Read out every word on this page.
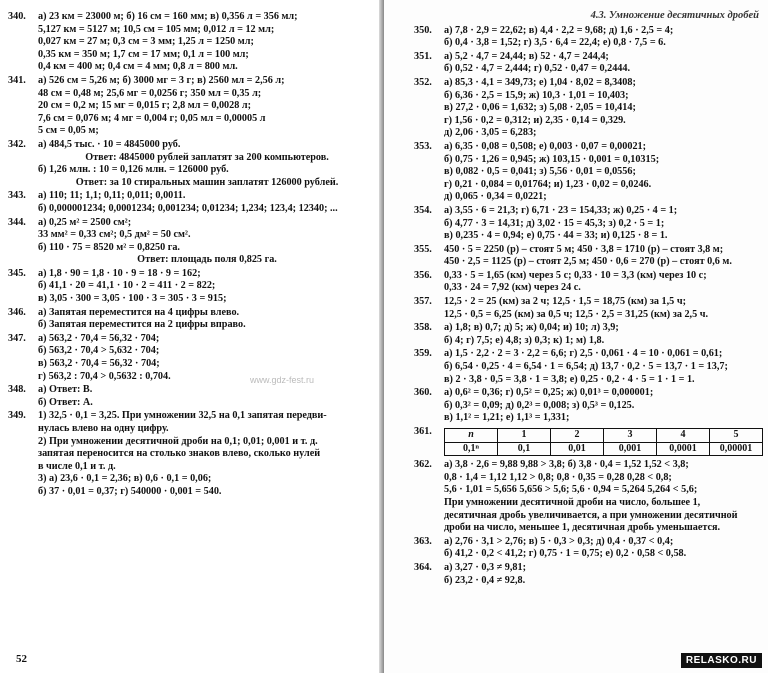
340.	а) 23 км = 23000 м; б) 16 см = 160 мм; в) 0,356 л = 356 мл;
5,127 км = 5127 м; 10,5 см = 105 мм; 0,012 л = 12 мл;
0,027 км = 27 м; 0,3 см = 3 мм; 1,25 л = 1250 мл;
0,35 км = 350 м; 1,7 см = 17 мм; 0,1 л = 100 мл;
0,4 км = 400 м; 0,4 см = 4 мм; 0,8 л = 800 мл.
341.	а) 526 см = 5,26 м; б) 3000 мг = 3 г; в) 2560 мл = 2,56 л;
48 см = 0,48 м; 25,6 мг = 0,0256 г; 350 мл = 0,35 л;
20 см = 0,2 м; 15 мг = 0,015 г; 2,8 мл = 0,0028 л;
7,6 см = 0,076 м; 4 мг = 0,004 г; 0,05 мл = 0,00005 л
5 см = 0,05 м;
342.	а) 484,5 тыс. · 10 = 4845000 руб.
Ответ: 4845000 рублей заплатят за 200 компьютеров.
б) 1,26 млн. : 10 = 0,126 млн. = 126000 руб.
Ответ: за 10 стиральных машин заплатят 126000 рублей.
343.	а) 110; 11; 1,1; 0,11; 0,011; 0,0011.
б) 0,000001234; 0,0001234; 0,001234; 0,01234; 1,234; 123,4; 12340; ...
344.	а) 0,25 м² = 2500 см²;
33 мм² = 0,33 см²; 0,5 дм² = 50 см².
б) 110 · 75 = 8520 м² = 0,8250 га.
Ответ: площадь поля 0,825 га.
345.	а) 1,8 · 90 = 1,8 · 10 · 9 = 18 · 9 = 162;
б) 41,1 · 20 = 41,1 · 10 · 2 = 411 · 2 = 822;
в) 3,05 · 300 = 3,05 · 100 · 3 = 305 · 3 = 915;
346.	а) Запятая переместится на 4 цифры влево.
б) Запятая переместится на 2 цифры вправо.
347.	а) 563,2 · 70,4 = 56,32 · 704;
б) 563,2 · 70,4 > 5,632 · 704;
в) 563,2 · 70,4 = 56,32 · 704;
г) 563,2 : 70,4 > 0,5632 : 0,704.
348.	а) Ответ: В.
б) Ответ: А.
349.	1) 32,5 · 0,1 = 3,25. При умножении 32,5 на 0,1 запятая передви-
нулась влево на одну цифру.
2) При умножении десятичной дроби на 0,1; 0,01; 0,001 и т. д.
запятая переносится на столько знаков влево, сколько нулей
в числе 0,1 и т. д.
3) а) 23,6 · 0,1 = 2,36; в) 0,6 · 0,1 = 0,06;
б) 37 · 0,01 = 0,37; г) 540000 · 0,001 = 540.
www.gdz-fest.ru
52
4.3. Умножение десятичных дробей
350.	а) 7,8 · 2,9 = 22,62; в) 4,4 · 2,2 = 9,68; д) 1,6 · 2,5 = 4;
б) 0,4 · 3,8 = 1,52; г) 3,5 · 6,4 = 22,4; е) 0,8 · 7,5 = 6.
351.	а) 5,2 · 4,7 = 24,44; в) 52 · 4,7 = 244,4;
б) 0,52 · 4,7 = 2,444; г) 0,52 · 0,47 = 0,2444.
352.	а) 85,3 · 4,1 = 349,73; е) 1,04 · 8,02 = 8,3408;
б) 6,36 · 2,5 = 15,9; ж) 10,3 · 1,01 = 10,403;
в) 27,2 · 0,06 = 1,632; з) 5,08 · 2,05 = 10,414;
г) 1,56 · 0,2 = 0,312; и) 2,35 · 0,14 = 0,329.
д) 2,06 · 3,05 = 6,283;
353.	а) 6,35 · 0,08 = 0,508; е) 0,003 · 0,07 = 0,00021;
б) 0,75 · 1,26 = 0,945; ж) 103,15 · 0,001 = 0,10315;
в) 0,082 · 0,5 = 0,041; з) 5,56 · 0,01 = 0,0556;
г) 0,21 · 0,084 = 0,01764; и) 1,23 · 0,02 = 0,0246.
д) 0,065 · 0,34 = 0,0221;
354.	а) 3,55 · 6 = 21,3; г) 6,71 · 23 = 154,33; ж) 0,25 · 4 = 1;
б) 4,77 · 3 = 14,31; д) 3,02 · 15 = 45,3; з) 0,2 · 5 = 1;
в) 0,235 · 4 = 0,94; е) 0,75 · 44 = 33; и) 0,125 · 8 = 1.
355.	450 · 5 = 2250 (р) – стоят 5 м; 450 · 3,8 = 1710 (р) – стоят 3,8 м;
450 · 2,5 = 1125 (р) – стоят 2,5 м; 450 · 0,6 = 270 (р) – стоят 0,6 м.
356.	0,33 · 5 = 1,65 (км) через 5 с; 0,33 · 10 = 3,3 (км) через 10 с;
0,33 · 24 = 7,92 (км) через 24 с.
357.	12,5 · 2 = 25 (км) за 2 ч; 12,5 · 1,5 = 18,75 (км) за 1,5 ч;
12,5 · 0,5 = 6,25 (км) за 0,5 ч; 12,5 · 2,5 = 31,25 (км) за 2,5 ч.
358.	а) 1,8; в) 0,7; д) 5; ж) 0,04; и) 10; л) 3,9;
б) 4; г) 7,5; е) 4,8; з) 0,3; к) 1; м) 1,8.
359.	а) 1,5 · 2,2 · 2 = 3 · 2,2 = 6,6; г) 2,5 · 0,061 · 4 = 10 · 0,061 = 0,61;
б) 6,54 · 0,25 · 4 = 6,54 · 1 = 6,54; д) 13,7 · 0,2 · 5 = 13,7 · 1 = 13,7;
в) 2 · 3,8 · 0,5 = 3,8 · 1 = 3,8; е) 0,25 · 0,2 · 4 · 5 = 1 · 1 = 1.
360.	а) 0,6² = 0,36; г) 0,5² = 0,25; ж) 0,01³ = 0,000001;
б) 0,3² = 0,09; д) 0,2³ = 0,008; з) 0,5³ = 0,125.
в) 1,1² = 1,21; е) 1,1³ = 1,331;
361.	n	1	2	3	4	5
0,1ⁿ	0,1	0,01	0,001	0,0001	0,00001
362.	а) 3,8 · 2,6 = 9,88 9,88 > 3,8; б) 3,8 · 0,4 = 1,52 1,52 < 3,8;
0,8 · 1,4 = 1,12 1,12 > 0,8; 0,8 · 0,35 = 0,28 0,28 < 0,8;
5,6 · 1,01 = 5,656 5,656 > 5,6; 5,6 · 0,94 = 5,264 5,264 < 5,6;
При умножении десятичной дроби на число, большее 1,
десятичная дробь увеличивается, а при умножении десятичной
дроби на число, меньшее 1, десятичная дробь уменьшается.
363.	а) 2,76 · 3,1 > 2,76; в) 5 · 0,3 > 0,3; д) 0,4 · 0,37 < 0,4;
б) 41,2 · 0,2 < 41,2; г) 0,75 · 1 = 0,75; е) 0,2 · 0,58 < 0,58.
364.	а) 3,27 · 0,3 ≠ 9,81;
б) 23,2 · 0,4 ≠ 92,8.
RELASKO.RU
